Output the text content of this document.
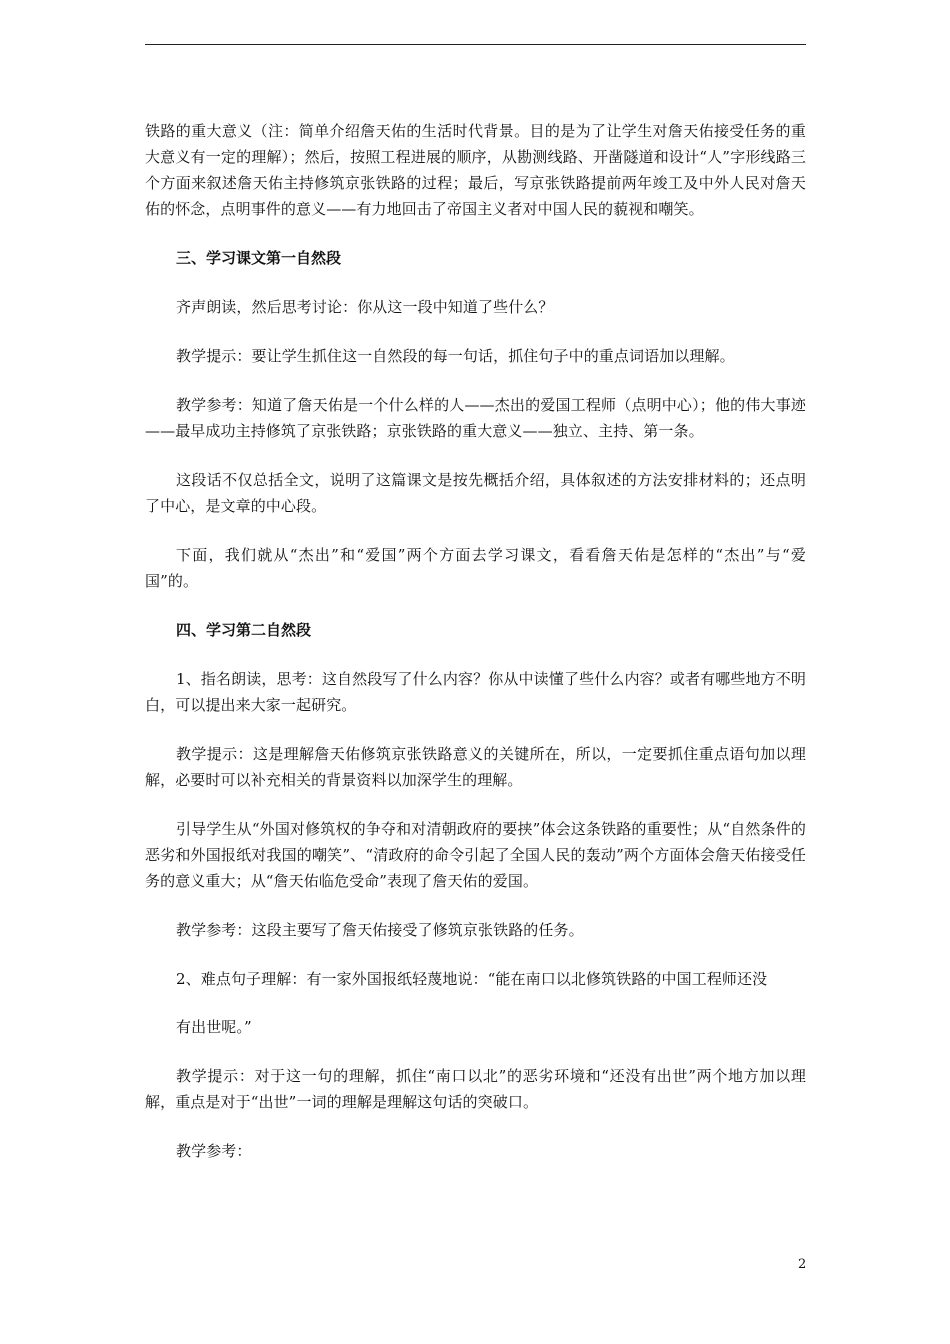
铁路的重大意义（注：简单介绍詹天佑的生活时代背景。目的是为了让学生对詹天佑接受任务的重大意义有一定的理解）；然后，按照工程进展的顺序，从勘测线路、开凿隧道和设计“人”字形线路三个方面来叙述詹天佑主持修筑京张铁路的过程；最后，写京张铁路提前两年竣工及中外人民对詹天佑的怀念，点明事件的意义——有力地回击了帝国主义者对中国人民的藐视和嘲笑。

三、学习课文第一自然段

齐声朗读，然后思考讨论：你从这一段中知道了些什么？

教学提示：要让学生抓住这一自然段的每一句话，抓住句子中的重点词语加以理解。

教学参考：知道了詹天佑是一个什么样的人——杰出的爱国工程师（点明中心）；他的伟大事迹——最早成功主持修筑了京张铁路；京张铁路的重大意义——独立、主持、第一条。

这段话不仅总括全文，说明了这篇课文是按先概括介绍，具体叙述的方法安排材料的；还点明了中心，是文章的中心段。

下面，我们就从“杰出”和“爱国”两个方面去学习课文，看看詹天佑是怎样的“杰出”与“爱国”的。

四、学习第二自然段

1、指名朗读，思考：这自然段写了什么内容？你从中读懂了些什么内容？或者有哪些地方不明白，可以提出来大家一起研究。

教学提示：这是理解詹天佑修筑京张铁路意义的关键所在，所以，一定要抓住重点语句加以理解，必要时可以补充相关的背景资料以加深学生的理解。

引导学生从“外国对修筑权的争夺和对清朝政府的要挟”体会这条铁路的重要性；从“自然条件的恶劣和外国报纸对我国的嘲笑”、“清政府的命令引起了全国人民的轰动”两个方面体会詹天佑接受任务的意义重大；从“詹天佑临危受命”表现了詹天佑的爱国。

教学参考：这段主要写了詹天佑接受了修筑京张铁路的任务。

2、难点句子理解：有一家外国报纸轻蔑地说：“能在南口以北修筑铁路的中国工程师还没

有出世呢。”

教学提示：对于这一句的理解，抓住“南口以北”的恶劣环境和“还没有出世”两个地方加以理解，重点是对于“出世”一词的理解是理解这句话的突破口。

教学参考：

2
